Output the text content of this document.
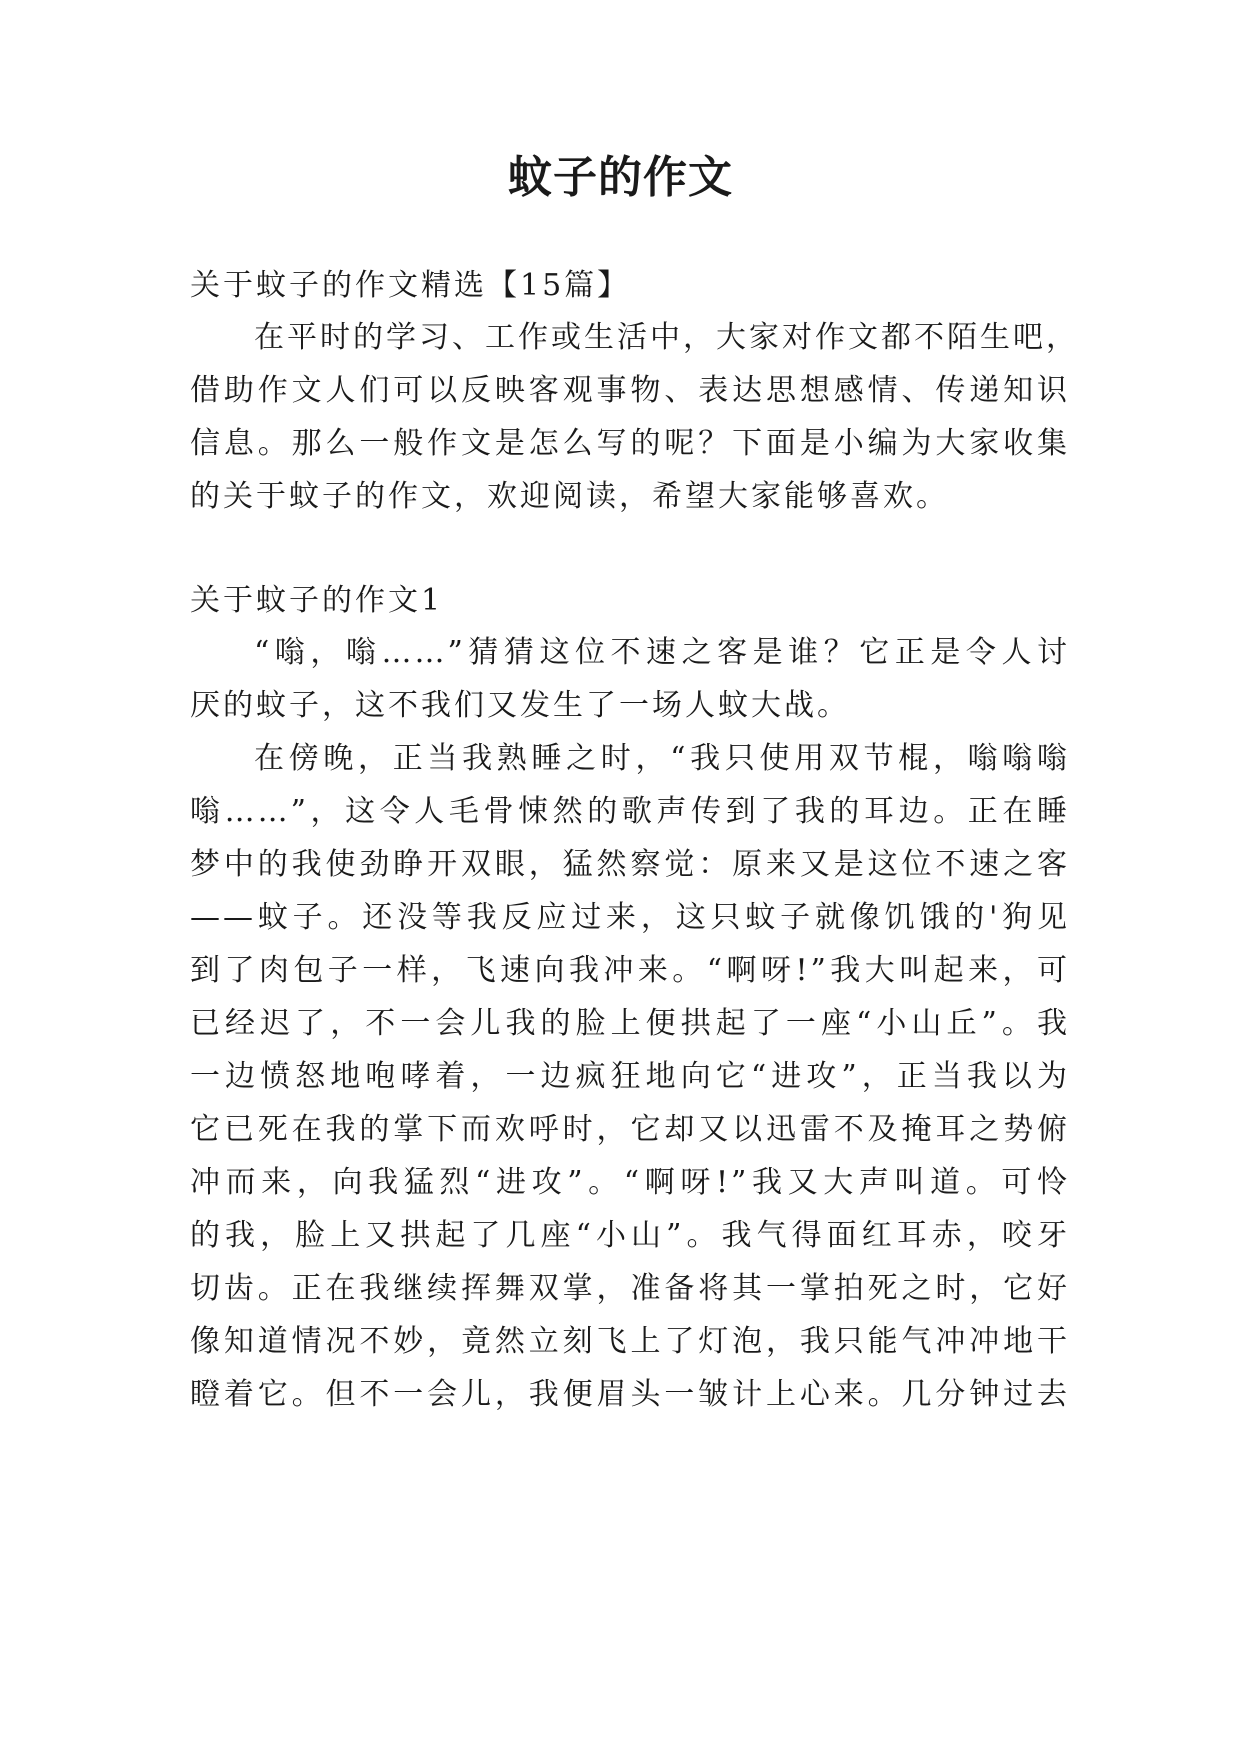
蚊子的作文

关于蚊子的作文精选【15篇】

在平时的学习、工作或生活中，大家对作文都不陌生吧，

借助作文人们可以反映客观事物、表达思想感情、传递知识

信息。那么一般作文是怎么写的呢？下面是小编为大家收集

的关于蚊子的作文，欢迎阅读，希望大家能够喜欢。

关于蚊子的作文1

“嗡，嗡……”猜猜这位不速之客是谁？它正是令人讨

厌的蚊子，这不我们又发生了一场人蚊大战。

在傍晚，正当我熟睡之时，“我只使用双节棍，嗡嗡嗡

嗡……”，这令人毛骨悚然的歌声传到了我的耳边。正在睡

梦中的我使劲睁开双眼，猛然察觉：原来又是这位不速之客

——蚊子。还没等我反应过来，这只蚊子就像饥饿的'狗见

到了肉包子一样，飞速向我冲来。“啊呀!”我大叫起来，可

已经迟了，不一会儿我的脸上便拱起了一座“小山丘”。我

一边愤怒地咆哮着，一边疯狂地向它“进攻”，正当我以为

它已死在我的掌下而欢呼时，它却又以迅雷不及掩耳之势俯

冲而来，向我猛烈“进攻”。“啊呀!”我又大声叫道。可怜

的我，脸上又拱起了几座“小山”。我气得面红耳赤，咬牙

切齿。正在我继续挥舞双掌，准备将其一掌拍死之时，它好

像知道情况不妙，竟然立刻飞上了灯泡，我只能气冲冲地干

瞪着它。但不一会儿，我便眉头一皱计上心来。几分钟过去
